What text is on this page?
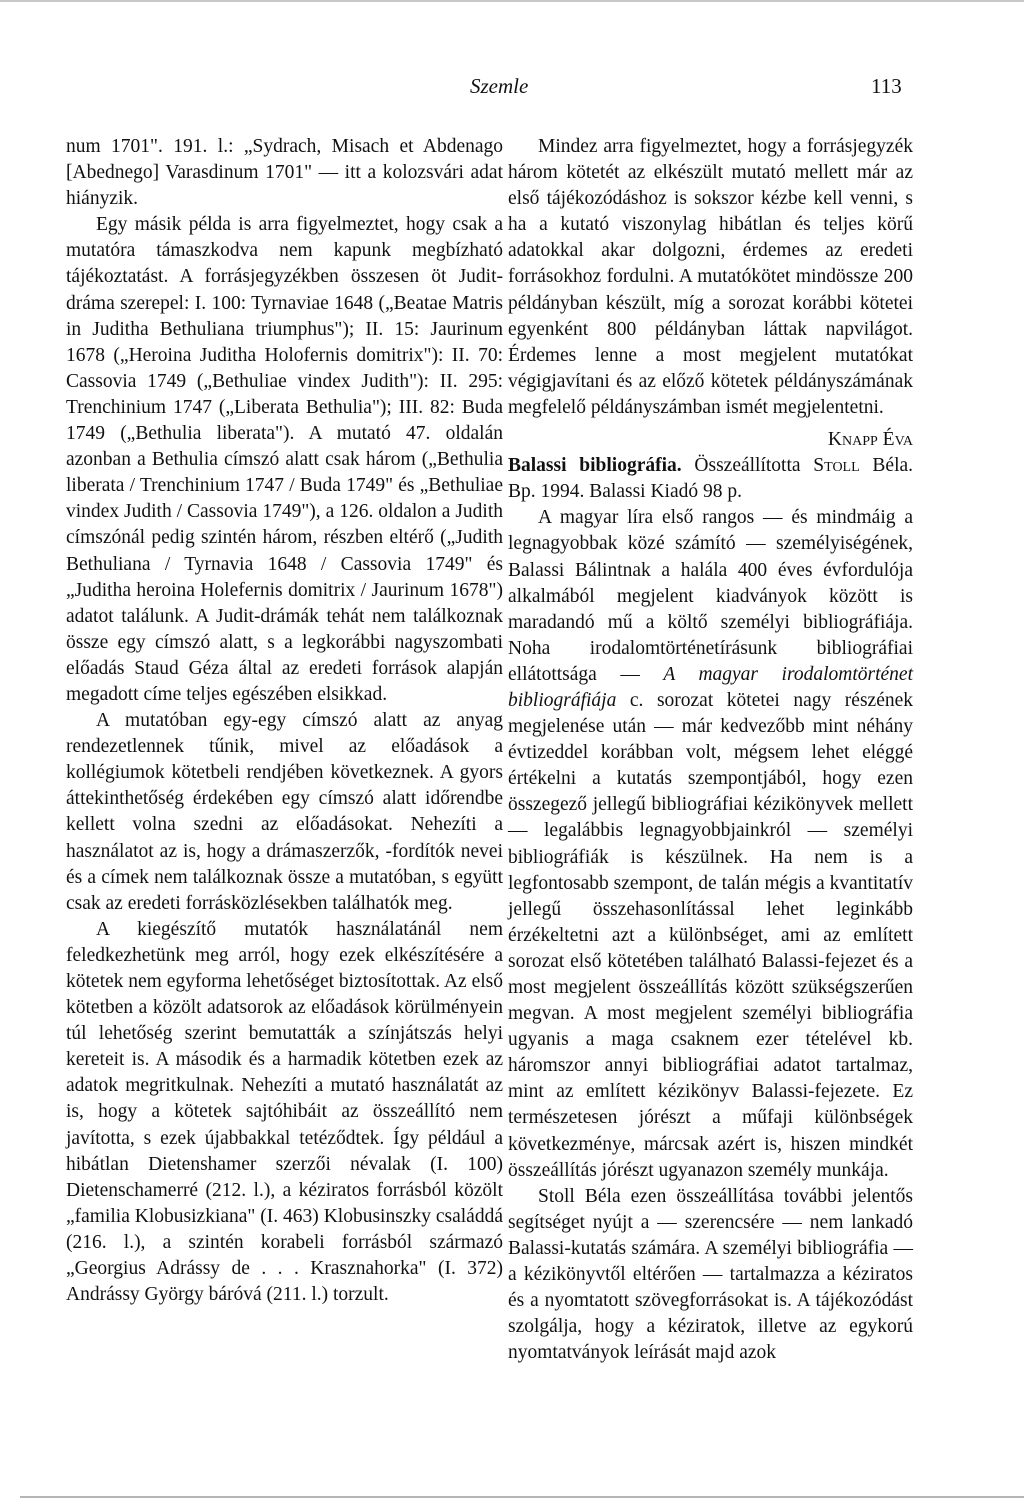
Szemle	113

num 1701". 191. l.: „Sydrach, Misach et Abdenago [Abednego] Varasdinum 1701" — itt a kolozsvári adat hiányzik.

Egy másik példa is arra figyelmeztet, hogy csak a mutatóra támaszkodva nem kapunk megbízható tájékoztatást. A forrásjegyzékben összesen öt Judit-dráma szerepel: I. 100: Tyrnaviae 1648 („Beatae Matris in Juditha Bethuliana triumphus"); II. 15: Jaurinum 1678 („Heroina Juditha Holofernis domitrix"): II. 70: Cassovia 1749 („Bethuliae vindex Judith"): II. 295: Trenchinium 1747 („Liberata Bethulia"); III. 82: Buda 1749 („Bethulia liberata"). A mutató 47. oldalán azonban a Bethulia címszó alatt csak három („Bethulia liberata / Trenchinium 1747 / Buda 1749" és „Bethuliae vindex Judith / Cassovia 1749"), a 126. oldalon a Judith címszónál pedig szintén három, részben eltérő („Judith Bethuliana / Tyrnavia 1648 / Cassovia 1749" és „Juditha heroina Holefernis domitrix / Jaurinum 1678") adatot találunk. A Judit-drámák tehát nem találkoznak össze egy címszó alatt, s a legkorábbi nagyszombati előadás Staud Géza által az eredeti források alapján megadott címe teljes egészében elsikkad.

A mutatóban egy-egy címszó alatt az anyag rendezetlennek tűnik, mivel az előadások a kollégiumok kötetbeli rendjében következnek. A gyors áttekinthetőség érdekében egy címszó alatt időrendbe kellett volna szedni az előadásokat. Nehezíti a használatot az is, hogy a drámaszerzők, -fordítók nevei és a címek nem találkoznak össze a mutatóban, s együtt csak az eredeti forrásközlésekben találhatók meg.

A kiegészítő mutatók használatánál nem feledkezhetünk meg arról, hogy ezek elkészítésére a kötetek nem egyforma lehetőséget biztosítottak. Az első kötetben a közölt adatsorok az előadások körülményein túl lehetőség szerint bemutatták a színjátszás helyi kereteit is. A második és a harmadik kötetben ezek az adatok megritkulnak. Nehezíti a mutató használatát az is, hogy a kötetek sajtóhibáit az összeállító nem javította, s ezek újabbakkal tetéződtek. Így például a hibátlan Dietenshamer szerzői névalak (I. 100) Dietenschamerré (212. l.), a kéziratos forrásból közölt „familia Klobusizkiana" (I. 463) Klobusinszky családdá (216. l.), a szintén korabeli forrásból származó „Georgius Adrássy de . . . Krasznahorka" (I. 372) Andrássy György báróvá (211. l.) torzult.

Mindez arra figyelmeztet, hogy a forrásjegyzék három kötetét az elkészült mutató mellett már az első tájékozódáshoz is sokszor kézbe kell venni, s ha a kutató viszonylag hibátlan és teljes körű adatokkal akar dolgozni, érdemes az eredeti forrásokhoz fordulni. A mutatókötet mindössze 200 példányban készült, míg a sorozat korábbi kötetei egyenként 800 példányban láttak napvilágot. Érdemes lenne a most megjelent mutatókat végigjavítani és az előző kötetek példányszámának megfelelő példányszámban ismét megjelentetni.

Knapp Éva

Balassi bibliográfia. Összeállította Stoll Béla. Bp. 1994. Balassi Kiadó 98 p.

A magyar líra első rangos — és mindmáig a legnagyobbak közé számító — személyiségének, Balassi Bálintnak a halála 400 éves évfordulója alkalmából megjelent kiadványok között is maradandó mű a költő személyi bibliográfiája. Noha irodalomtörténetírásunk bibliográfiai ellátottsága — A magyar irodalomtörténet bibliográfiája c. sorozat kötetei nagy részének megjelenése után — már kedvezőbb mint néhány évtizeddel korábban volt, mégsem lehet eléggé értékelni a kutatás szempontjából, hogy ezen összegező jellegű bibliográfiai kézikönyvek mellett — legalábbis legnagyobbjainkról — személyi bibliográfiák is készülnek. Ha nem is a legfontosabb szempont, de talán mégis a kvantitatív jellegű összehasonlítással lehet leginkább érzékeltetni azt a különbséget, ami az említett sorozat első kötetében található Balassi-fejezet és a most megjelent összeállítás között szükségszerűen megvan. A most megjelent személyi bibliográfia ugyanis a maga csaknem ezer tételével kb. háromszor annyi bibliográfiai adatot tartalmaz, mint az említett kézikönyv Balassi-fejezete. Ez természetesen jórészt a műfaji különbségek következménye, márcsak azért is, hiszen mindkét összeállítás jórészt ugyanazon személy munkája.

Stoll Béla ezen összeállítása további jelentős segítséget nyújt a — szerencsére — nem lankadó Balassi-kutatás számára. A személyi bibliográfia — a kézikönyvtől eltérően — tartalmazza a kéziratos és a nyomtatott szövegforrásokat is. A tájékozódást szolgálja, hogy a kéziratok, illetve az egykorú nyomtatványok leírását majd azok
